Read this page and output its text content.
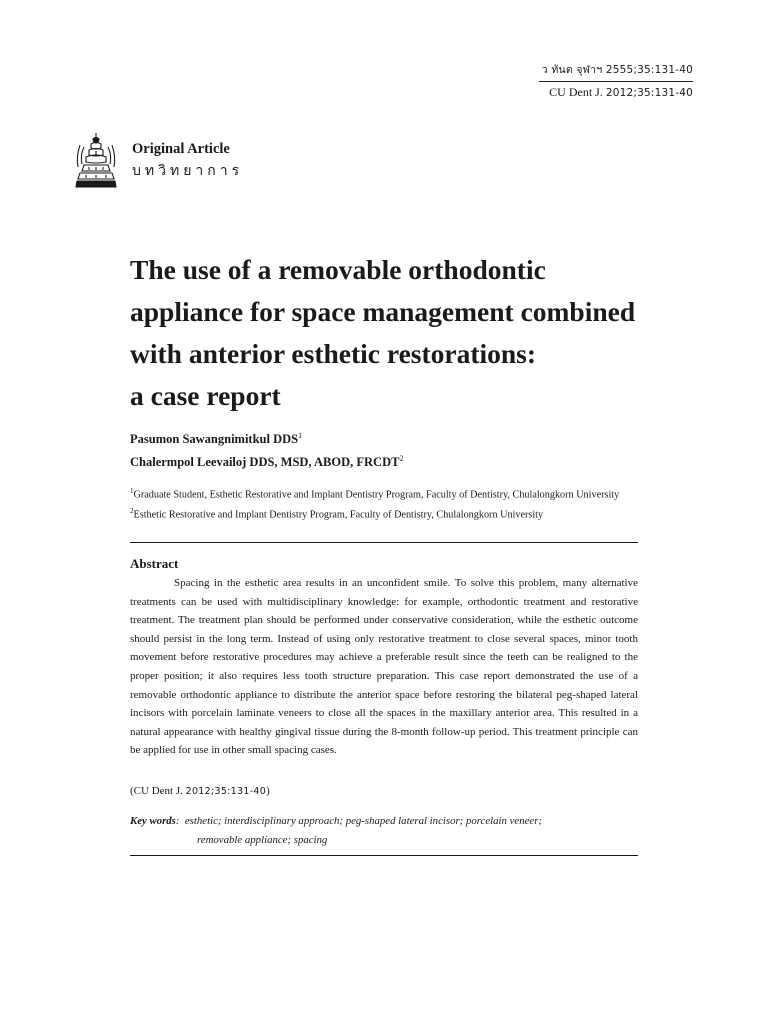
ว ทันต จุฬาฯ 2555;35:131-40
CU Dent J. 2012;35:131-40
Original Article
บทวิทยาการ
The use of a removable orthodontic
appliance for space management combined
with anterior esthetic restorations:
a case report
Pasumon Sawangnimitkul DDS$^1$
Chalermpol Leevailoj DDS, MSD, ABOD, FRCDT$^2$
$^1$Graduate Student, Esthetic Restorative and Implant Dentistry Program, Faculty of Dentistry, Chulalongkorn University
$^2$Esthetic Restorative and Implant Dentistry Program, Faculty of Dentistry, Chulalongkorn University
Abstract

Spacing in the esthetic area results in an unconfident smile. To solve this problem, many alternative treatments can be used with multidisciplinary knowledge: for example, orthodontic treatment and restorative treatment. The treatment plan should be performed under conservative consideration, while the esthetic outcome should persist in the long term. Instead of using only restorative treatment to close several spaces, minor tooth movement before restorative procedures may achieve a preferable result since the teeth can be realigned to the proper position; it also requires less tooth structure preparation. This case report demonstrated the use of a removable orthodontic appliance to distribute the anterior space before restoring the bilateral peg-shaped lateral incisors with porcelain laminate veneers to close all the spaces in the maxillary anterior area. This resulted in a natural appearance with healthy gingival tissue during the 8-month follow-up period. This treatment principle can be applied for use in other small spacing cases.

(CU Dent J. 2012;35:131-40)
Key words:  esthetic; interdisciplinary approach; peg-shaped lateral incisor; porcelain veneer;
removable appliance; spacing
